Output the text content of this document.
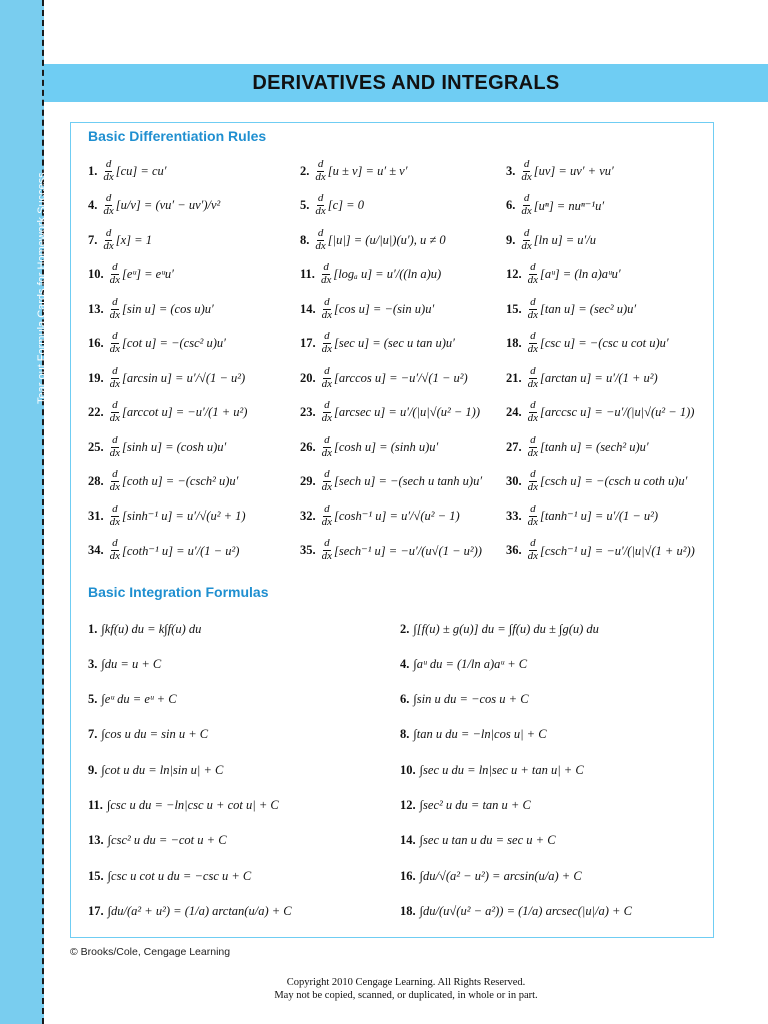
Tear out Formula Cards for Homework Success.
DERIVATIVES AND INTEGRALS
Basic Differentiation Rules
1. $\frac{d}{dx} [cu] = cu'$	2. $\frac{d}{dx} [u \pm v] = u' \pm v'$	3. $\frac{d}{dx} [uv] = uv' + vu'$
4. $\frac{d}{dx} [u/v] = (vu' - uv')/v^2$	5. $\frac{d}{dx} [c] = 0$	6. $\frac{d}{dx} [u^n] = nu^{n-1}u'$
7. $\frac{d}{dx} [x] = 1$	8. $\frac{d}{dx} [|u|] = (u/|u|)(u')$, u ≠ 0	9. $\frac{d}{dx} [\ln$ u] = u′/u
10. $\frac{d}{dx}$ [eᵘ] = eᵘu′	11. $\frac{d}{dx} [\log_a$ u] = u′/((ln a)u)	12. $\frac{d}{dx}$ [aᵘ] = (ln a)aᵘu′
13. $\frac{d}{dx} [\sin$ u] = (cos u)u′	14. $\frac{d}{dx} [\cos$ u] = −(sin u)u′	15. $\frac{d}{dx} [\tan$ u] = (sec² u)u′
16. $\frac{d}{dx} [\cot$ u] = −(csc² u)u′	17. $\frac{d}{dx} [\sec$ u] = (sec u tan u)u′	18. $\frac{d}{dx} [\csc$ u] = −(csc u cot u)u′
19. $\frac{d}{dx} [\arcsin$ u] = u′/√(1 − u²)	20. $\frac{d}{dx} [\arccos$ u] = −u′/√(1 − u²)	21. $\frac{d}{dx} [\arctan$ u] = u′/(1 + u²)
22. $\frac{d}{dx} [arccot$ u] = −u′/(1 + u²)	23. $\frac{d}{dx} [arcsec$ u] = u′/(|u|√(u² − 1)) 24. $\frac{d}{dx} [arccsc$ u] = −u′/(|u|√(u² − 1))
25. $\frac{d}{dx} [\sinh$ u] = (cosh u)u′	26. $\frac{d}{dx} [\cosh$ u] = (sinh u)u′	27. $\frac{d}{dx} [\tanh$ u] = (sech² u)u′
28. $\frac{d}{dx} [\cot h$ u] = −(csch² u)u′	29. $\frac{d}{dx} [\sec h$ u] = −(sech u tanh u)u′ 30. $\frac{d}{dx} [\csc h$ u] = −(csch u coth u)u′
31. $\frac{d}{dx} [\sinh^{-1}$ u] = u′/√(u² + 1)	32. $\frac{d}{dx} [\cosh^{-1}$ u] = u′/√(u² − 1)	33. $\frac{d}{dx} [\tanh^{-1}$ u] = u′/(1 − u²)
34. $\frac{d}{dx} [\cot h^{-1}$ u] = u′/(1 − u²)	35. $\frac{d}{dx} [\sec h^{-1}$ u] = −u′/(u√(1 − u²)) 36. $\frac{d}{dx} [\csc h^{-1}$ u] = −u′/(|u|√(1 + u²))
Basic Integration Formulas
1. ∫kf(u) du = k∫f(u) du	2. ∫[f(u) ± g(u)] du = ∫f(u) du ± ∫g(u) du
3. ∫du = u + C	4. ∫aᵘ du = (1/ln a)aᵘ + C
5. ∫eᵘ du = eᵘ + C	6. ∫sin u du = −cos u + C
7. ∫cos u du = sin u + C	8. ∫tan u du = −ln|cos u| + C
9. ∫cot u du = ln|sin u| + C	10. ∫sec u du = ln|sec u + tan u| + C
11. ∫csc u du = −ln|csc u + cot u| + C	12. ∫sec² u du = tan u + C
13. ∫csc² u du = −cot u + C	14. ∫sec u tan u du = sec u + C
15. ∫csc u cot u du = −csc u + C	16. ∫du/√(a² − u²) = arcsin(u/a) + C
17. ∫du/(a² + u²) = (1/a) arctan(u/a) + C	18. ∫du/(u√(u² − a²)) = (1/a) arcsec(|u|/a) + C
© Brooks/Cole, Cengage Learning
Copyright 2010 Cengage Learning. All Rights Reserved.
May not be copied, scanned, or duplicated, in whole or in part.
